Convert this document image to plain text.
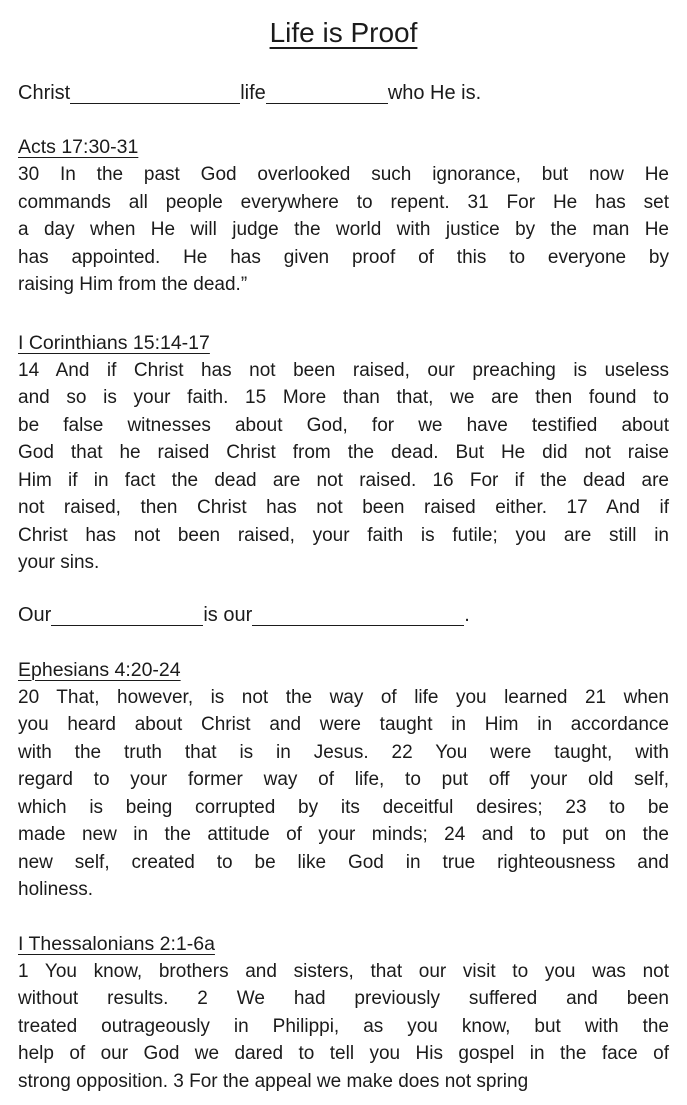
Life is Proof
Christ	life	who He is.
Acts 17:30-31
30 In the past God overlooked such ignorance, but now He
commands all people everywhere to repent. 31 For He has set
a day when He will judge the world with justice by the man He
has appointed. He has given proof of this to everyone by
raising Him from the dead.”
I Corinthians 15:14-17
14 And if Christ has not been raised, our preaching is useless
and so is your faith. 15 More than that, we are then found to
be false witnesses about God, for we have testified about
God that he raised Christ from the dead. But He did not raise
Him if in fact the dead are not raised. 16 For if the dead are
not raised, then Christ has not been raised either. 17 And if
Christ has not been raised, your faith is futile; you are still in
your sins.
Our	is our	.
Ephesians 4:20-24
20 That, however, is not the way of life you learned 21 when
you heard about Christ and were taught in Him in accordance
with the truth that is in Jesus. 22 You were taught, with
regard to your former way of life, to put off your old self,
which is being corrupted by its deceitful desires; 23 to be
made new in the attitude of your minds; 24 and to put on the
new self, created to be like God in true righteousness and
holiness.
I Thessalonians 2:1-6a
1 You know, brothers and sisters, that our visit to you was not
without results. 2 We had previously suffered and been
treated outrageously in Philippi, as you know, but with the
help of our God we dared to tell you His gospel in the face of
strong opposition. 3 For the appeal we make does not spring
